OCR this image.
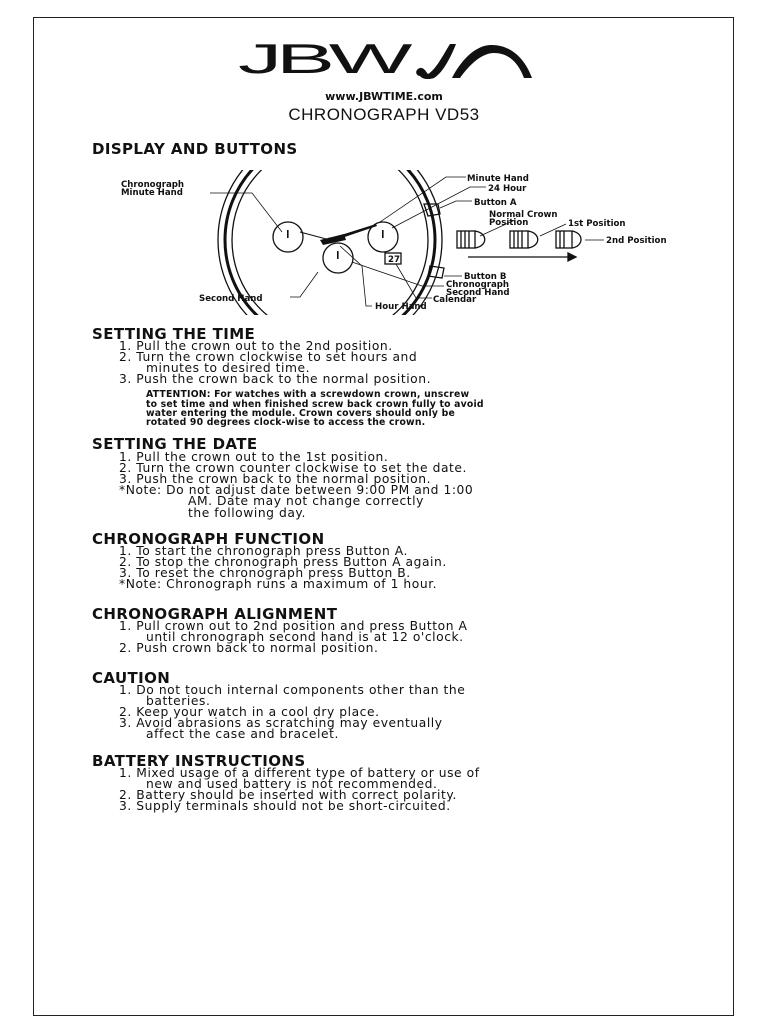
JBW
www.JBWTIME.com
CHRONOGRAPH VD53
DISPLAY AND BUTTONS
27
Chronograph
Minute Hand
Minute Hand
24 Hour
Button A
Normal Crown
Position	1st Position
2nd Position
Button B
Chronograph
Second Hand
Calendar
Second Hand
Hour Hand
SETTING THE TIME
1. Pull the crown out to the 2nd position.
2. Turn the crown clockwise to set hours and
minutes to desired time.
3. Push the crown back to the normal position.
ATTENTION: For watches with a screwdown crown, unscrew
to set time and when finished screw back crown fully to avoid
water entering the module. Crown covers should only be
rotated 90 degrees clock-wise to access the crown.
SETTING THE DATE
1. Pull the crown out to the 1st position.
2. Turn the crown counter clockwise to set the date.
3. Push the crown back to the normal position.
*Note: Do not adjust date between 9:00 PM and 1:00
AM. Date may not change correctly
the following day.
CHRONOGRAPH FUNCTION
1. To start the chronograph press Button A.
2. To stop the chronograph press Button A again.
3. To reset the chronograph press Button B.
*Note: Chronograph runs a maximum of 1 hour.
CHRONOGRAPH ALIGNMENT
1. Pull crown out to 2nd position and press Button A
until chronograph second hand is at 12 o'clock.
2. Push crown back to normal position.
CAUTION
1. Do not touch internal components other than the
batteries.
2. Keep your watch in a cool dry place.
3. Avoid abrasions as scratching may eventually
affect the case and bracelet.
BATTERY INSTRUCTIONS
1. Mixed usage of a different type of battery or use of
new and used battery is not recommended.
2. Battery should be inserted with correct polarity.
3. Supply terminals should not be short-circuited.
